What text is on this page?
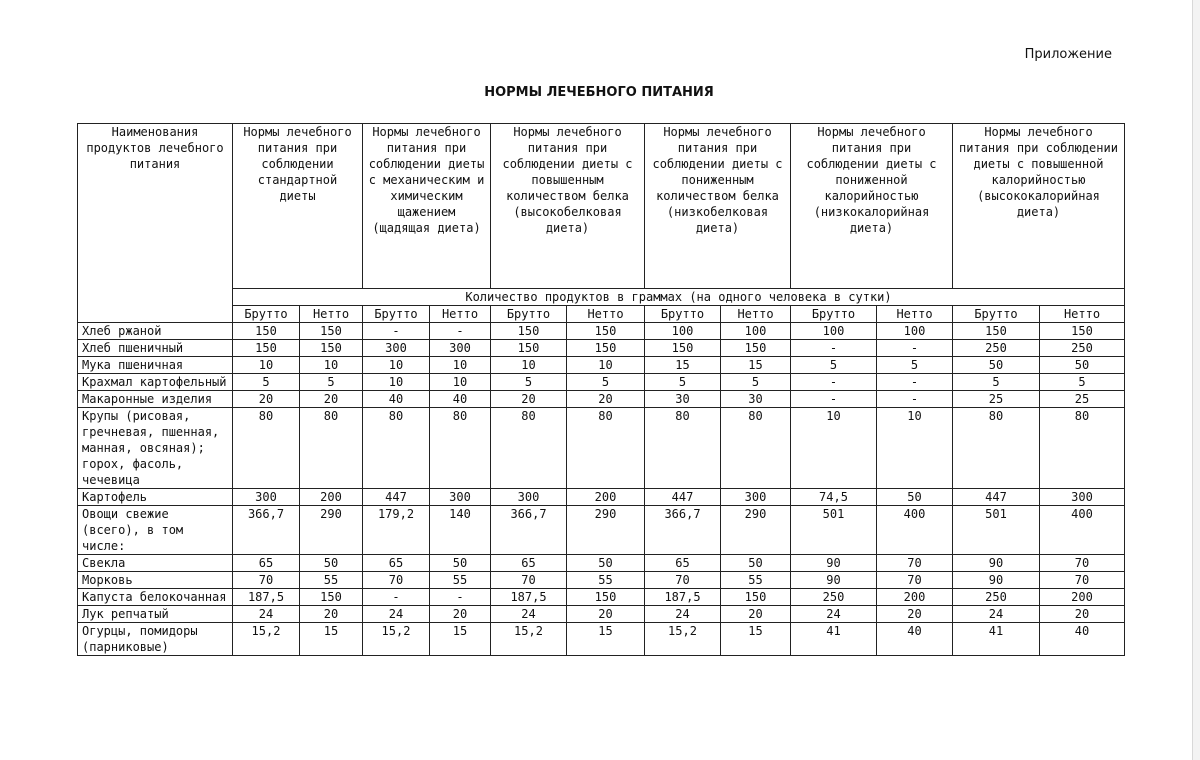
Приложение
НОРМЫ ЛЕЧЕБНОГО ПИТАНИЯ
Наименования продуктов лечебного питания	Нормы лечебного питания при соблюдении стандартной диеты		Нормы лечебного питания при соблюдении диеты с механическим и химическим щажением (щадящая диета)		Нормы лечебного питания при соблюдении диеты с повышенным количеством белка (высокобелковая диета)		Нормы лечебного питания при соблюдении диеты с пониженным количеством белка (низкобелковая диета)		Нормы лечебного питания при соблюдении диеты с пониженной калорийностью (низкокалорийная диета)		Нормы лечебного питания при соблюдении диеты с повышенной калорийностью (высококалорийная диета)	
	Количество продуктов в граммах (на одного человека в сутки)											
	Брутто	Нетто	Брутто	Нетто	Брутто	Нетто	Брутто	Нетто	Брутто	Нетто	Брутто	Нетто
Хлеб ржаной	150	150	-	-	150	150	100	100	100	100	150	150
Хлеб пшеничный	150	150	300	300	150	150	150	150	-	-	250	250
Мука пшеничная	10	10	10	10	10	10	15	15	5	5	50	50
Крахмал картофельный	5	5	10	10	5	5	5	5	-	-	5	5
Макаронные изделия	20	20	40	40	20	20	30	30	-	-	25	25
Крупы (рисовая, гречневая, пшенная, манная, овсяная); горох, фасоль, чечевица	80	80	80	80	80	80	80	80	10	10	80	80
Картофель	300	200	447	300	300	200	447	300	74,5	50	447	300
Овощи свежие (всего), в том числе:	366,7	290	179,2	140	366,7	290	366,7	290	501	400	501	400
Свекла	65	50	65	50	65	50	65	50	90	70	90	70
Морковь	70	55	70	55	70	55	70	55	90	70	90	70
Капуста белокочанная	187,5	150	-	-	187,5	150	187,5	150	250	200	250	200
Лук репчатый	24	20	24	20	24	20	24	20	24	20	24	20
Огурцы, помидоры (парниковые)	15,2	15	15,2	15	15,2	15	15,2	15	41	40	41	40
